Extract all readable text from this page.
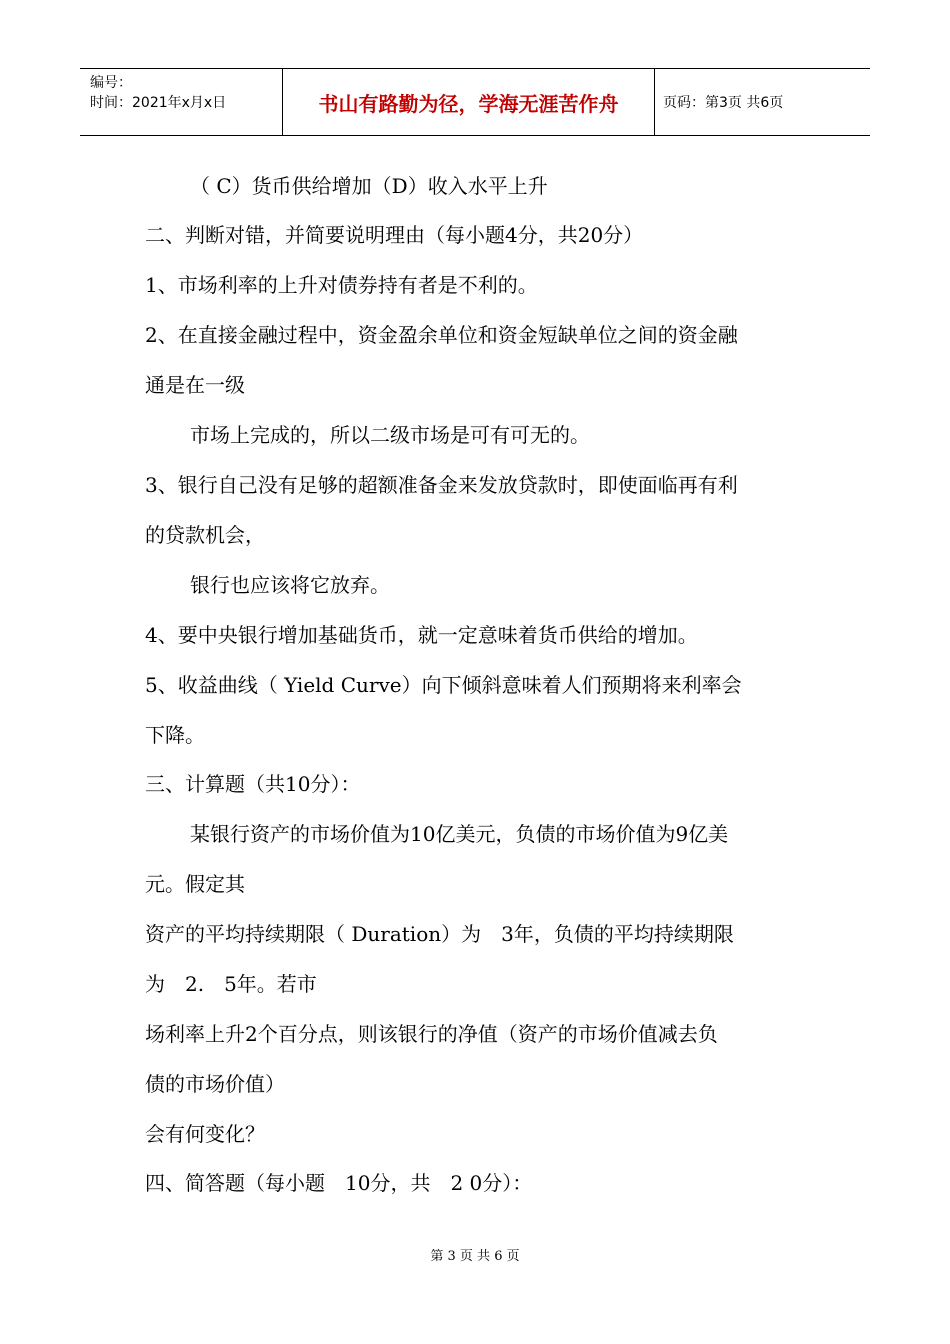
编号：
时间：2021年x月x日	书山有路勤为径，学海无涯苦作舟	页码：第3页 共6页
（ C）货币供给增加（D）收入水平上升
二、判断对错，并简要说明理由（每小题4分，共20分）
1、市场利率的上升对债券持有者是不利的。
2、在直接金融过程中，资金盈余单位和资金短缺单位之间的资金融
通是在一级
市场上完成的，所以二级市场是可有可无的。
3、银行自己没有足够的超额准备金来发放贷款时，即使面临再有利
的贷款机会，
银行也应该将它放弃。
4、要中央银行增加基础货币，就一定意味着货币供给的增加。
5、收益曲线（ Yield Curve）向下倾斜意味着人们预期将来利率会
下降。
三、计算题（共10分）：
某银行资产的市场价值为10亿美元，负债的市场价值为9亿美
元。假定其
资产的平均持续期限（ Duration）为　3年，负债的平均持续期限
为　2.　5年。若市
场利率上升2个百分点，则该银行的净值（资产的市场价值减去负
债的市场价值）
会有何变化？
四、简答题（每小题　10分，共　2 0分）：
第 3 页 共 6 页
